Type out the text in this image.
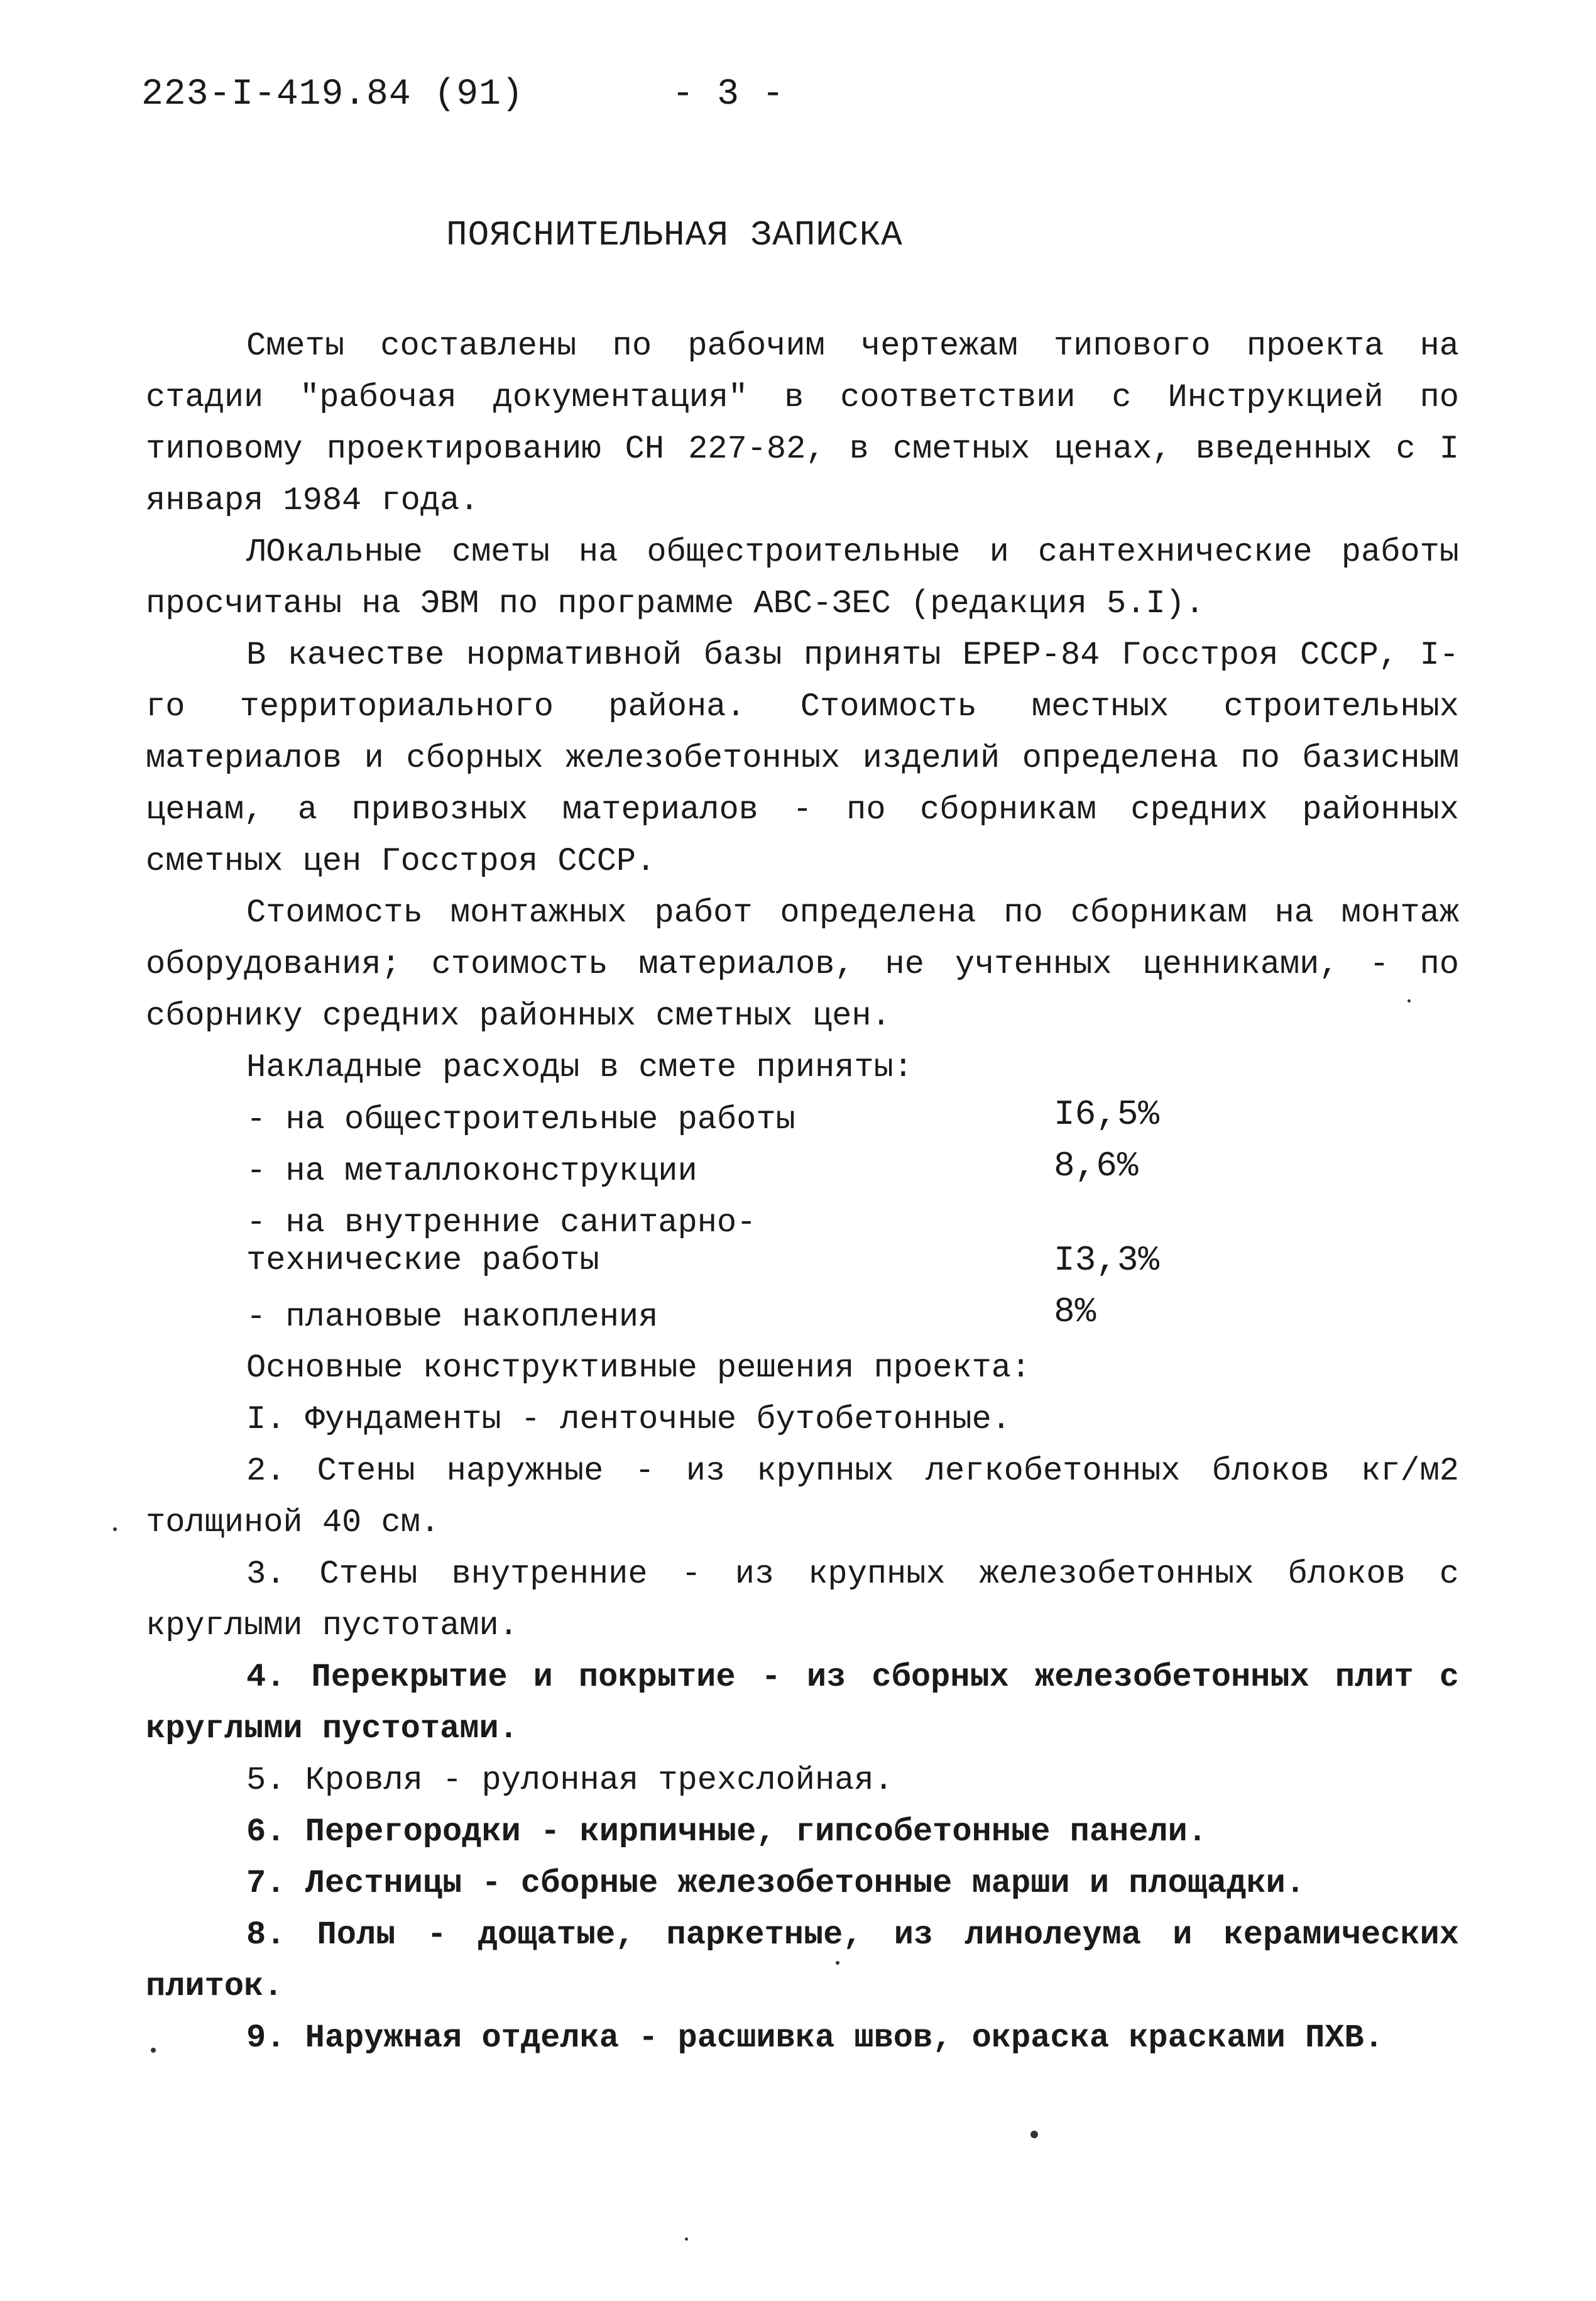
223-I-419.84 (91)	- 3 -
ПОЯСНИТЕЛЬНАЯ ЗАПИСКА

Сметы составлены по рабочим чертежам типового проекта на стадии "рабочая документация" в соответствии с Инструкцией по типовому проектированию СН 227-82, в сметных ценах, введенных с I января 1984 года.

ЛОкальные сметы на общестроительные и сантехнические работы просчитаны на ЭВМ по программе АВС-ЗЕС (редакция 5.I).

В качестве нормативной базы приняты ЕРЕР-84 Госстроя СССР, I-го территориального района. Стоимость местных строительных материалов и сборных железобетонных изделий определена по базисным ценам, а привозных материалов - по сборникам средних районных сметных цен Госстроя СССР.

Стоимость монтажных работ определена по сборникам на монтаж оборудования; стоимость материалов, не учтенных ценниками, - по сборнику средних районных сметных цен.

Накладные расходы в смете приняты:

- на общестроительные работы	I6,5%
- на металлоконструкции	8,6%
- на внутренние санитарно-технические работы	I3,3%
- плановые накопления	8%

Основные конструктивные решения проекта:

I. Фундаменты - ленточные бутобетонные.

2. Стены наружные - из крупных легкобетонных блоков кг/м2 толщиной 40 см.

3. Стены внутренние - из крупных железобетонных блоков с круглыми пустотами.

4. Перекрытие и покрытие - из сборных железобетонных плит с круглыми пустотами.

5. Кровля - рулонная трехслойная.

6. Перегородки - кирпичные, гипсобетонные панели.

7. Лестницы - сборные железобетонные марши и площадки.

8. Полы - дощатые, паркетные, из линолеума и керамических плиток.

9. Наружная отделка - расшивка швов, окраска красками ПХВ.
